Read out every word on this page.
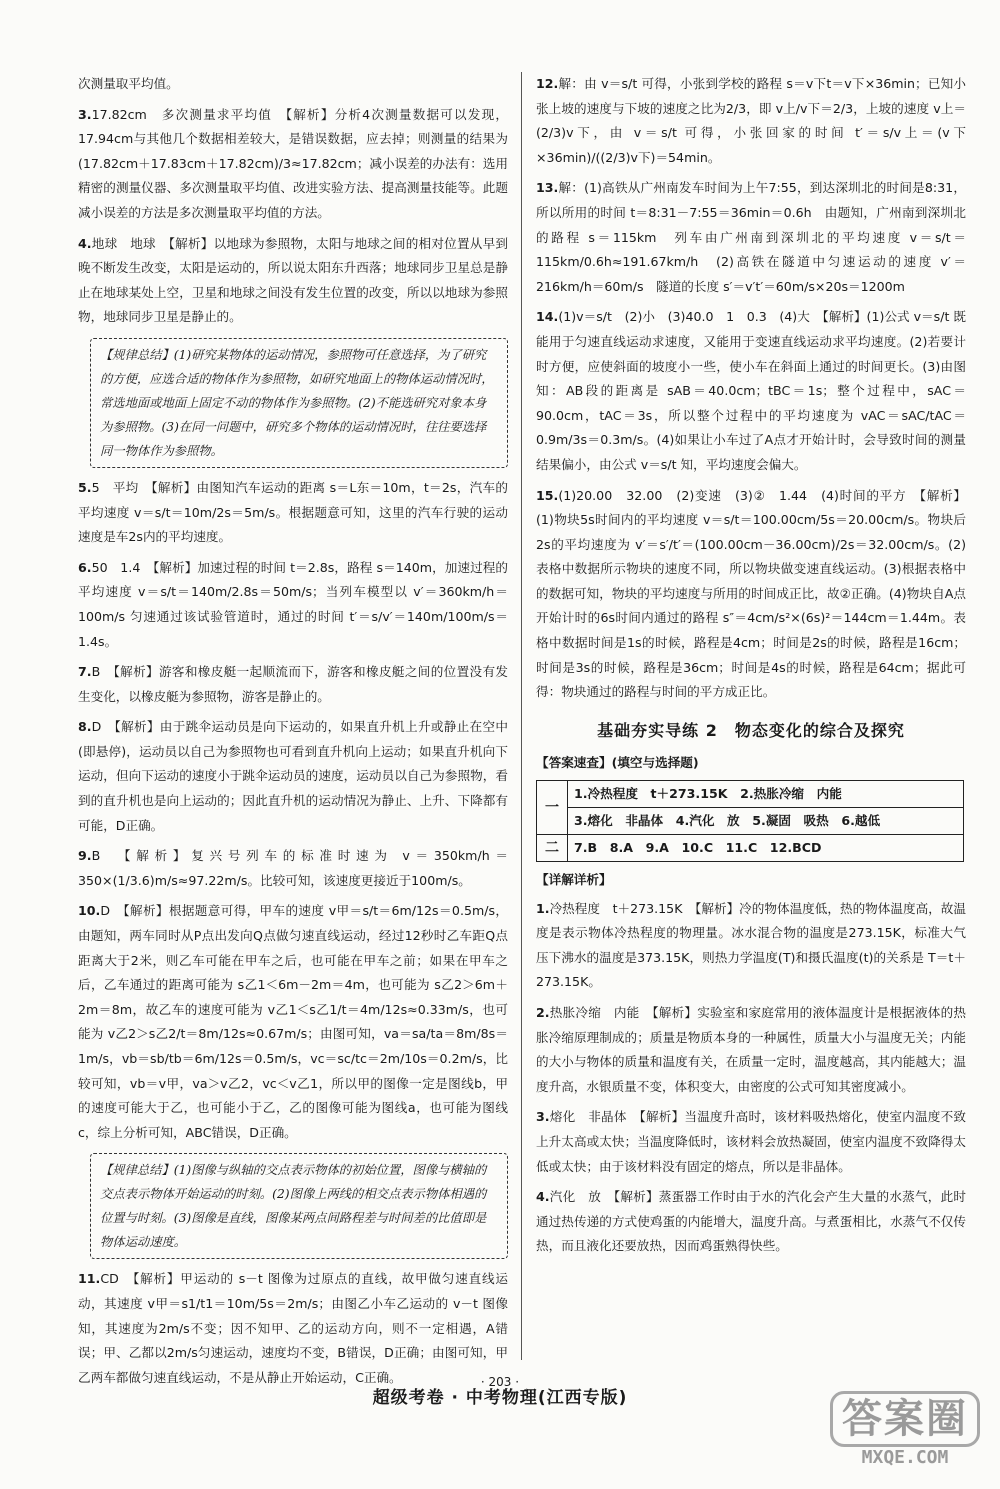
次测量取平均值。

3.17.82cm　多次测量求平均值　【解析】分析4次测量数据可以发现，17.94cm与其他几个数据相差较大，是错误数据，应去掉；则测量的结果为(17.82cm＋17.83cm＋17.82cm)/3≈17.82cm；减小误差的办法有：选用精密的测量仪器、多次测量取平均值、改进实验方法、提高测量技能等。此题减小误差的方法是多次测量取平均值的方法。

4.地球　地球　【解析】以地球为参照物，太阳与地球之间的相对位置从早到晚不断发生改变，太阳是运动的，所以说太阳东升西落；地球同步卫星总是静止在地球某处上空，卫星和地球之间没有发生位置的改变，所以以地球为参照物，地球同步卫星是静止的。

【规律总结】(1)研究某物体的运动情况，参照物可任意选择，为了研究的方便，应选合适的物体作为参照物，如研究地面上的物体运动情况时，常选地面或地面上固定不动的物体作为参照物。(2)不能选研究对象本身为参照物。(3)在同一问题中，研究多个物体的运动情况时，往往要选择同一物体作为参照物。

5.5　平均　【解析】由图知汽车运动的距离 s＝L东＝10m，t＝2s，汽车的平均速度 v＝s/t＝10m/2s＝5m/s。根据题意可知，这里的汽车行驶的运动速度是车2s内的平均速度。

6.50　1.4　【解析】加速过程的时间 t＝2.8s，路程 s＝140m，加速过程的平均速度 v＝s/t＝140m/2.8s＝50m/s；当列车模型以 v′＝360km/h＝100m/s 匀速通过该试验管道时，通过的时间 t′＝s/v′＝140m/100m/s＝1.4s。

7.B　【解析】游客和橡皮艇一起顺流而下，游客和橡皮艇之间的位置没有发生变化，以橡皮艇为参照物，游客是静止的。

8.D　【解析】由于跳伞运动员是向下运动的，如果直升机上升或静止在空中(即悬停)，运动员以自己为参照物也可看到直升机向上运动；如果直升机向下运动，但向下运动的速度小于跳伞运动员的速度，运动员以自己为参照物，看到的直升机也是向上运动的；因此直升机的运动情况为静止、上升、下降都有可能，D正确。

9.B　【解析】复兴号列车的标准时速为 v＝350km/h＝350×(1/3.6)m/s≈97.22m/s。比较可知，该速度更接近于100m/s。

10.D　【解析】根据题意可得，甲车的速度 v甲＝s/t＝6m/12s＝0.5m/s，由题知，两车同时从P点出发向Q点做匀速直线运动，经过12秒时乙车距Q点距离大于2米，则乙车可能在甲车之后，也可能在甲车之前；如果在甲车之后，乙车通过的距离可能为 s乙1＜6m－2m＝4m，也可能为 s乙2＞6m＋2m＝8m，故乙车的速度可能为 v乙1＜s乙1/t＝4m/12s≈0.33m/s，也可能为 v乙2＞s乙2/t＝8m/12s≈0.67m/s；由图可知，va＝sa/ta＝8m/8s＝1m/s，vb＝sb/tb＝6m/12s＝0.5m/s，vc＝sc/tc＝2m/10s＝0.2m/s，比较可知，vb＝v甲，va＞v乙2，vc＜v乙1，所以甲的图像一定是图线b，甲的速度可能大于乙，也可能小于乙，乙的图像可能为图线a，也可能为图线c，综上分析可知，ABC错误，D正确。

【规律总结】(1)图像与纵轴的交点表示物体的初始位置，图像与横轴的交点表示物体开始运动的时刻。(2)图像上两线的相交点表示物体相遇的位置与时刻。(3)图像是直线，图像某两点间路程差与时间差的比值即是物体运动速度。

11.CD　【解析】甲运动的 s－t 图像为过原点的直线，故甲做匀速直线运动，其速度 v甲＝s1/t1＝10m/5s＝2m/s；由图乙小车乙运动的 v－t 图像知，其速度为2m/s不变；因不知甲、乙的运动方向，则不一定相遇，A错误；甲、乙都以2m/s匀速运动，速度均不变，B错误，D正确；由图可知，甲乙两车都做匀速直线运动，不是从静止开始运动，C正确。

12.解：由 v＝s/t 可得，小张到学校的路程 s＝v下t＝v下×36min；已知小张上坡的速度与下坡的速度之比为2/3，即 v上/v下＝2/3，上坡的速度 v上＝(2/3)v下，由 v＝s/t 可得，小张回家的时间 t′＝s/v上＝(v下×36min)/((2/3)v下)＝54min。

13.解：(1)高铁从广州南发车时间为上午7:55，到达深圳北的时间是8:31，所以所用的时间 t＝8:31－7:55＝36min＝0.6h　由题知，广州南到深圳北的路程 s＝115km　列车由广州南到深圳北的平均速度 v＝s/t＝115km/0.6h≈191.67km/h　(2)高铁在隧道中匀速运动的速度 v′＝216km/h＝60m/s　隧道的长度 s′＝v′t′＝60m/s×20s＝1200m

14.(1)v＝s/t　(2)小　(3)40.0　1　0.3　(4)大　【解析】(1)公式 v＝s/t 既能用于匀速直线运动求速度，又能用于变速直线运动求平均速度。(2)若要计时方便，应使斜面的坡度小一些，使小车在斜面上通过的时间更长。(3)由图知：AB段的距离是 sAB＝40.0cm；tBC＝1s；整个过程中，sAC＝90.0cm，tAC＝3s，所以整个过程中的平均速度为 vAC＝sAC/tAC＝0.9m/3s＝0.3m/s。(4)如果让小车过了A点才开始计时，会导致时间的测量结果偏小，由公式 v＝s/t 知，平均速度会偏大。

15.(1)20.00　32.00　(2)变速　(3)②　1.44　(4)时间的平方　【解析】(1)物块5s时间内的平均速度 v＝s/t＝100.00cm/5s＝20.00cm/s。物块后2s的平均速度为 v′＝s′/t′＝(100.00cm－36.00cm)/2s＝32.00cm/s。(2)表格中数据所示物块的速度不同，所以物块做变速直线运动。(3)根据表格中的数据可知，物块的平均速度与所用的时间成正比，故②正确。(4)物块自A点开始计时的6s时间内通过的路程 s″＝4cm/s²×(6s)²＝144cm＝1.44m。表格中数据时间是1s的时候，路程是4cm；时间是2s的时候，路程是16cm；时间是3s的时候，路程是36cm；时间是4s的时候，路程是64cm；据此可得：物块通过的路程与时间的平方成正比。

基础夯实导练 2　物态变化的综合及探究
【答案速查】(填空与选择题)
一	1.冷热程度　t＋273.15K　2.热胀冷缩　内能
	3.熔化　非晶体　4.汽化　放　5.凝固　吸热　6.越低
二	7.B　8.A　9.A　10.C　11.C　12.BCD
【详解详析】

1.冷热程度　t＋273.15K　【解析】冷的物体温度低，热的物体温度高，故温度是表示物体冷热程度的物理量。冰水混合物的温度是273.15K，标准大气压下沸水的温度是373.15K，则热力学温度(T)和摄氏温度(t)的关系是 T＝t＋273.15K。

2.热胀冷缩　内能　【解析】实验室和家庭常用的液体温度计是根据液体的热胀冷缩原理制成的；质量是物质本身的一种属性，质量大小与温度无关；内能的大小与物体的质量和温度有关，在质量一定时，温度越高，其内能越大；温度升高，水银质量不变，体积变大，由密度的公式可知其密度减小。

3.熔化　非晶体　【解析】当温度升高时，该材料吸热熔化，使室内温度不致上升太高或太快；当温度降低时，该材料会放热凝固，使室内温度不致降得太低或太快；由于该材料没有固定的熔点，所以是非晶体。

4.汽化　放　【解析】蒸蛋器工作时由于水的汽化会产生大量的水蒸气，此时通过热传递的方式使鸡蛋的内能增大，温度升高。与煮蛋相比，水蒸气不仅传热，而且液化还要放热，因而鸡蛋熟得快些。

· 203 ·
超级考卷 · 中考物理(江西专版)	答案圈
MXQE.COM
